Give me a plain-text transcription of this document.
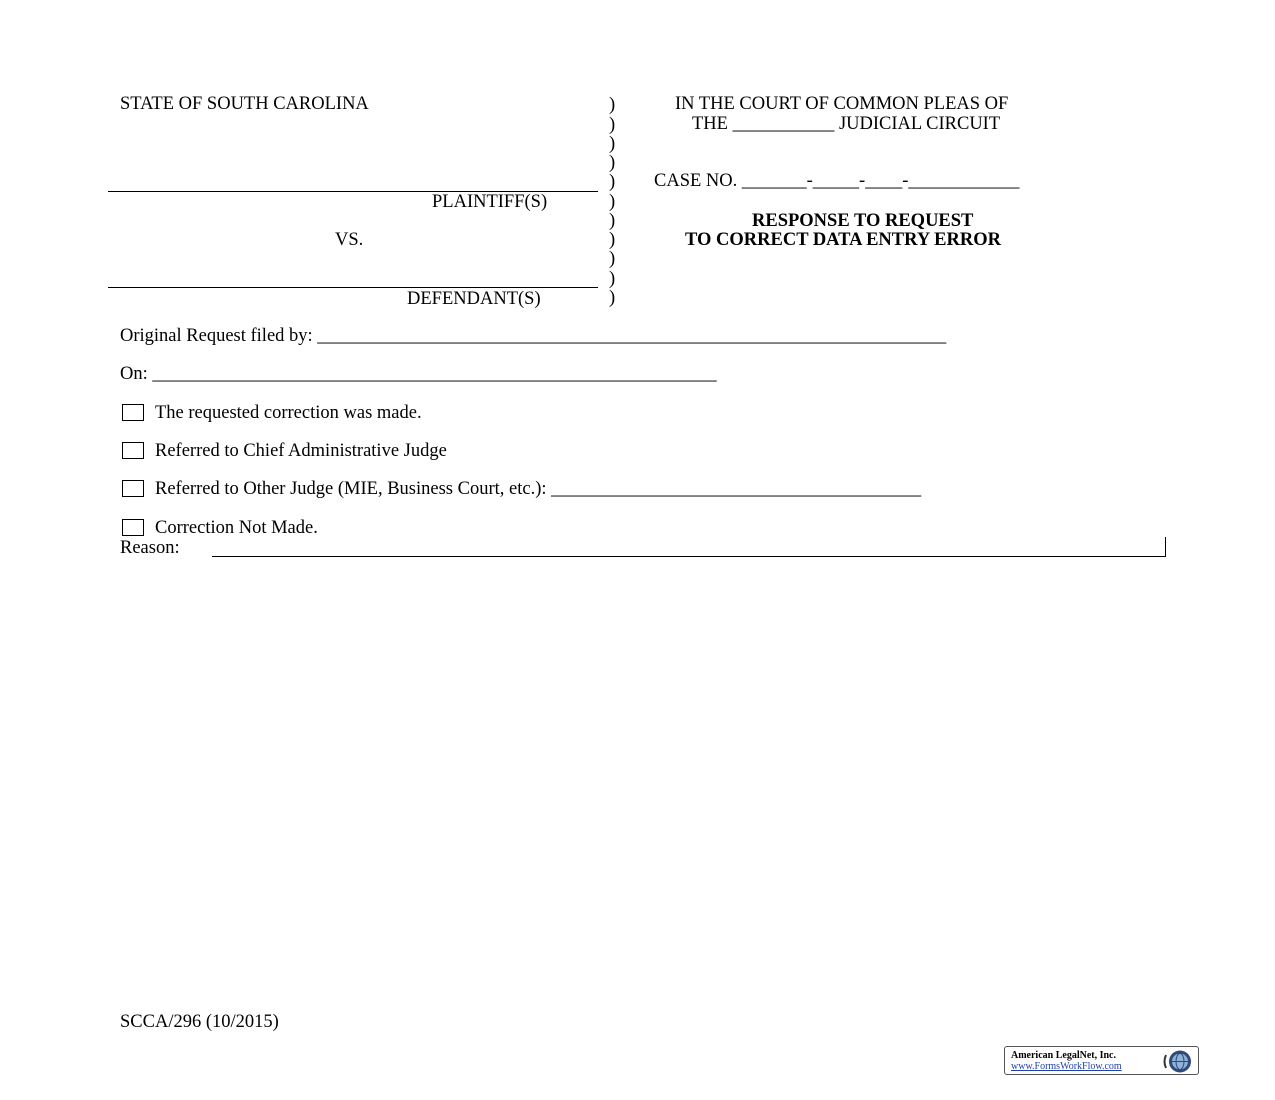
STATE OF SOUTH CAROLINA
PLAINTIFF(S)
VS.
DEFENDANT(S)
)
)
)
)
)
)
)
)
)
)
)
IN THE COURT OF COMMON PLEAS OF
THE ___________ JUDICIAL CIRCUIT
CASE NO. _______-_____-____-____________
RESPONSE TO REQUEST
TO CORRECT DATA ENTRY ERROR
Original Request filed by: ____________________________________________________________________
On: _____________________________________________________________
The requested correction was made.
Referred to Chief Administrative Judge
Referred to Other Judge (MIE, Business Court, etc.): ________________________________________
Correction Not Made.
Reason:
SCCA/296 (10/2015)
American LegalNet, Inc.
www.FormsWorkFlow.com
